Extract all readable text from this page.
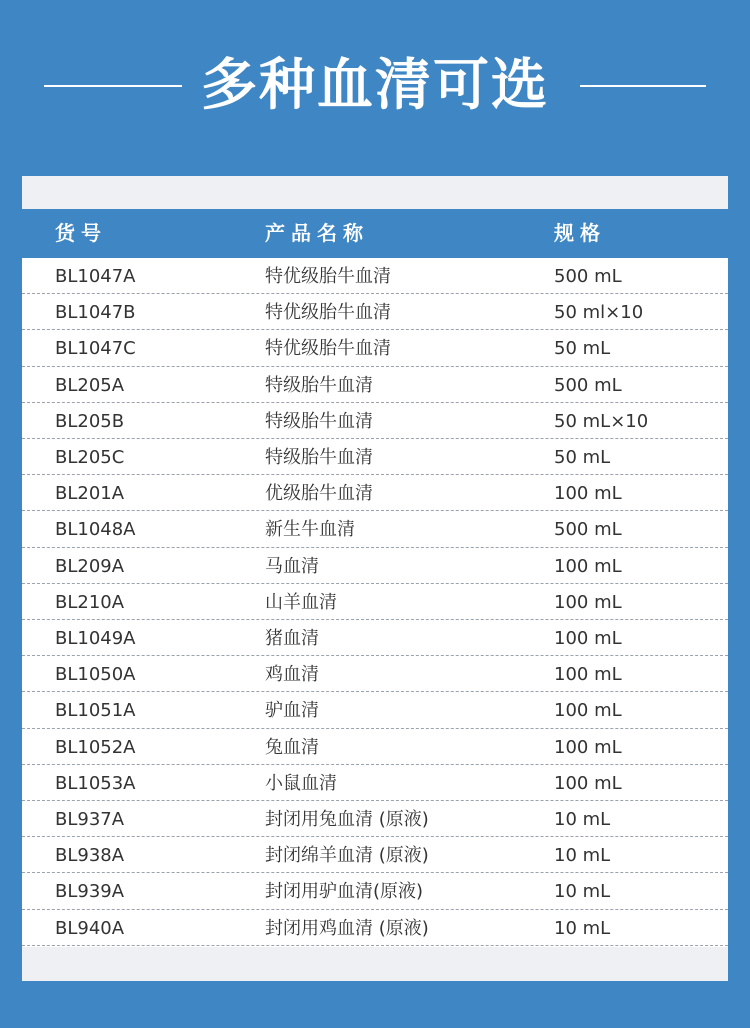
多种血清可选
货号	产品名称	规格
BL1047A	特优级胎牛血清	500 mL
BL1047B	特优级胎牛血清	50 ml×10
BL1047C	特优级胎牛血清	50 mL
BL205A	特级胎牛血清	500 mL
BL205B	特级胎牛血清	50 mL×10
BL205C	特级胎牛血清	50 mL
BL201A	优级胎牛血清	100 mL
BL1048A	新生牛血清	500 mL
BL209A	马血清	100 mL
BL210A	山羊血清	100 mL
BL1049A	猪血清	100 mL
BL1050A	鸡血清	100 mL
BL1051A	驴血清	100 mL
BL1052A	兔血清	100 mL
BL1053A	小鼠血清	100 mL
BL937A	封闭用兔血清 (原液)	10 mL
BL938A	封闭绵羊血清 (原液)	10 mL
BL939A	封闭用驴血清(原液)	10 mL
BL940A	封闭用鸡血清 (原液)	10 mL
